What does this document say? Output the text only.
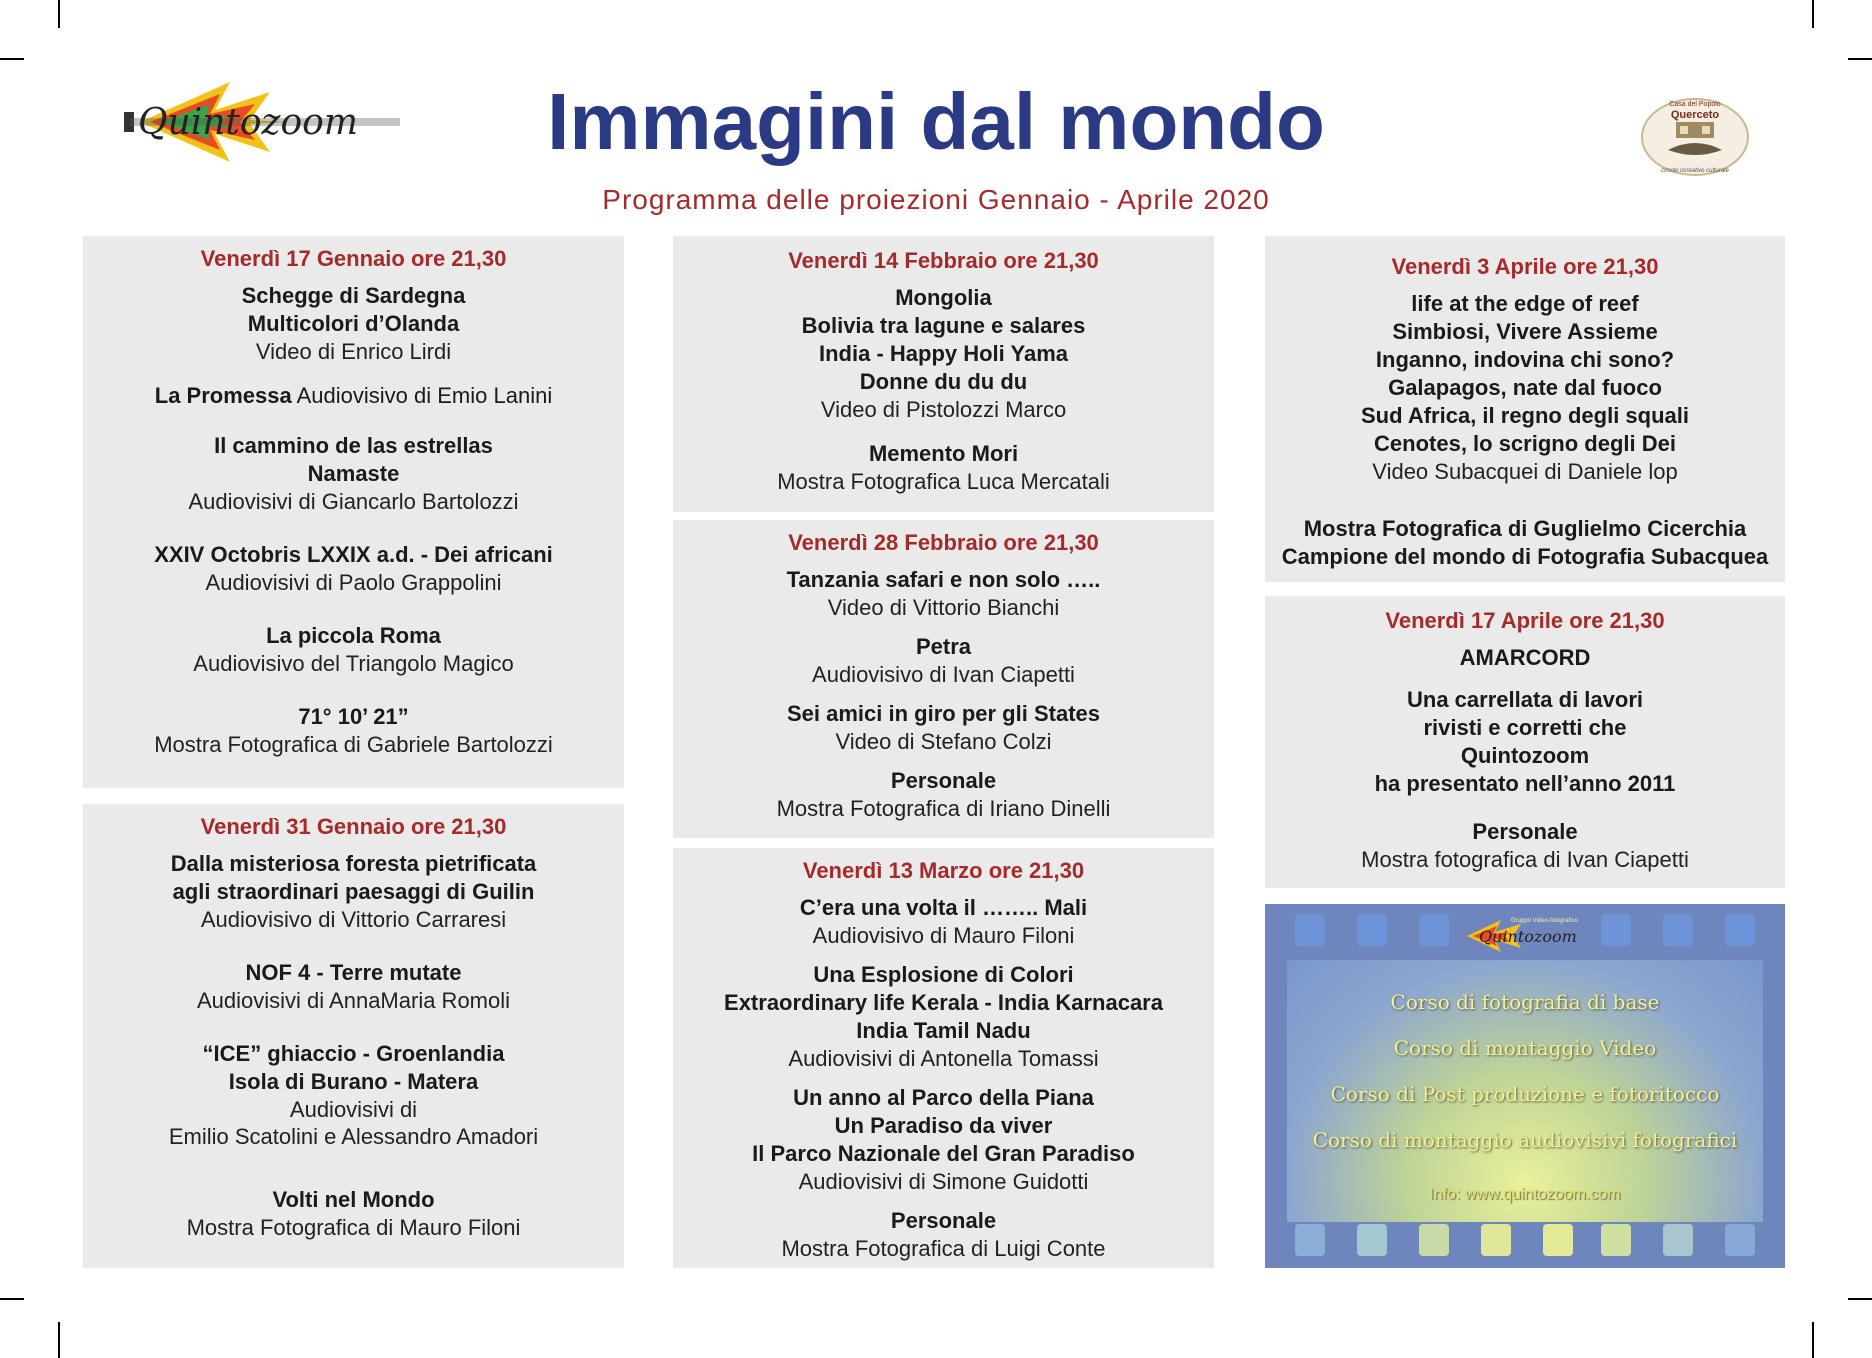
Quintozoom	Casa del Popolo
Querceto
circolo ricreativo culturale
Immagini dal mondo
Programma delle proiezioni Gennaio - Aprile 2020
Venerdì 17 Gennaio ore 21,30
Schegge di Sardegna
Multicolori d’Olanda
Video di Enrico Lirdi
La Promessa Audiovisivo di Emio Lanini
Il cammino de las estrellas
Namaste
Audiovisivi di Giancarlo Bartolozzi
XXIV Octobris LXXIX a.d. - Dei africani
Audiovisivi di Paolo Grappolini
La piccola Roma
Audiovisivo del Triangolo Magico
71° 10’ 21”
Mostra Fotografica di Gabriele Bartolozzi
Venerdì 31 Gennaio ore 21,30
Dalla misteriosa foresta pietrificata
agli straordinari paesaggi di Guilin
Audiovisivo di Vittorio Carraresi
NOF 4 - Terre mutate
Audiovisivi di AnnaMaria Romoli
“ICE” ghiaccio - Groenlandia
Isola di Burano - Matera
Audiovisivi di
Emilio Scatolini e Alessandro Amadori
Volti nel Mondo
Mostra Fotografica di Mauro Filoni
Venerdì 14 Febbraio ore 21,30
Mongolia
Bolivia tra lagune e salares
India - Happy Holi Yama
Donne du du du
Video di Pistolozzi Marco
Memento Mori
Mostra Fotografica Luca Mercatali
Venerdì 28 Febbraio ore 21,30
Tanzania safari e non solo …..
Video di Vittorio Bianchi
Petra
Audiovisivo di Ivan Ciapetti
Sei amici in giro per gli States
Video di Stefano Colzi
Personale
Mostra Fotografica di Iriano Dinelli
Venerdì 13 Marzo ore 21,30
C’era una volta il …….. Mali
Audiovisivo di Mauro Filoni
Una Esplosione di Colori
Extraordinary life Kerala - India Karnacara
India Tamil Nadu
Audiovisivi di Antonella Tomassi
Un anno al Parco della Piana
Un Paradiso da viver
Il Parco Nazionale del Gran Paradiso
Audiovisivi di Simone Guidotti
Personale
Mostra Fotografica di Luigi Conte
Venerdì 3 Aprile ore 21,30
life at the edge of reef
Simbiosi, Vivere Assieme
Inganno, indovina chi sono?
Galapagos, nate dal fuoco
Sud Africa, il regno degli squali
Cenotes, lo scrigno degli Dei
Video Subacquei di Daniele lop
Mostra Fotografica di Guglielmo Cicerchia
Campione del mondo di Fotografia Subacquea
Venerdì 17 Aprile ore 21,30
AMARCORD
Una carrellata di lavori
rivisti e corretti che
Quintozoom
ha presentato nell’anno 2011
Personale
Mostra fotografica di Ivan Ciapetti
Gruppo Video-fotografico
Quintozoom
Corso di fotografia di base
Corso di montaggio Video
Corso di Post produzione e fotoritocco
Corso di montaggio audiovisivi fotografici
Info: www.quintozoom.com
